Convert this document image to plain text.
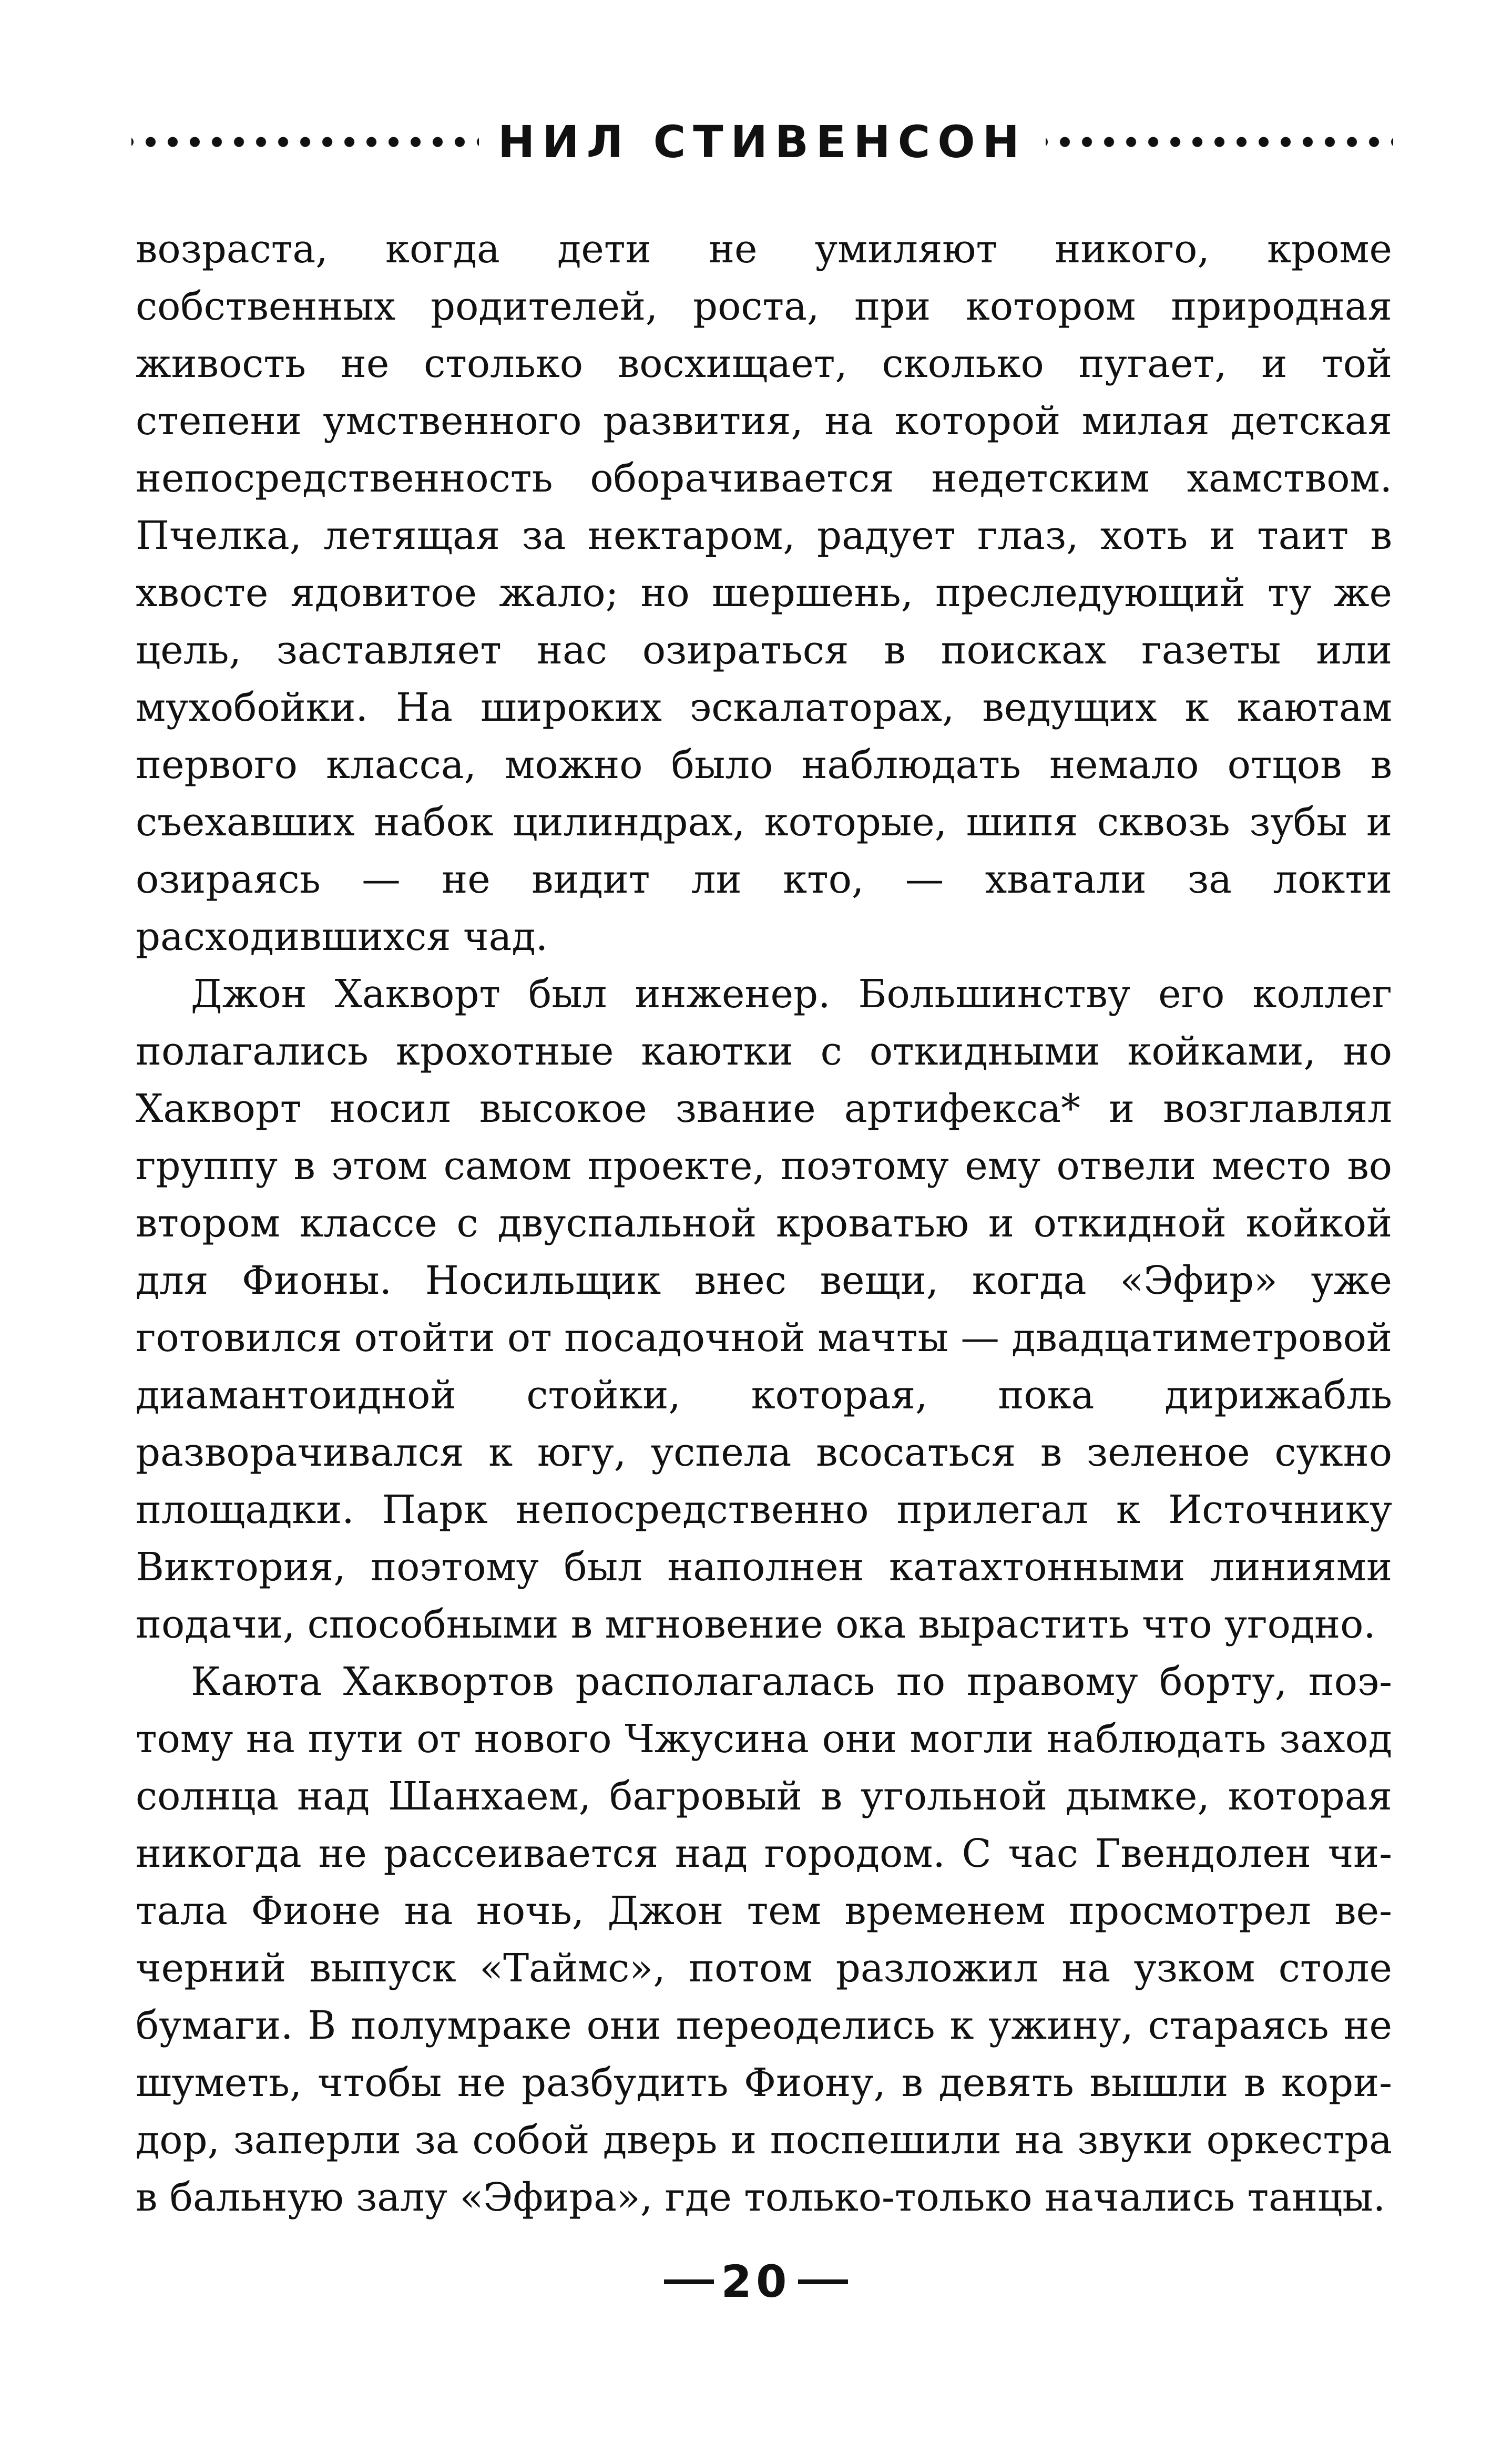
НИЛ СТИВЕНСОН

возраста, когда дети не умиляют никого, кроме собственных родителей, роста, при котором природная живость не столько восхищает, сколько пугает, и той степени умственного развития, на которой милая детская непосредственность оборачивается недетским хамством. Пчелка, летящая за нектаром, радует глаз, хоть и таит в хвосте ядовитое жало; но шершень, преследующий ту же цель, заставляет нас озираться в поисках газеты или мухобойки. На широких эскалаторах, ведущих к каютам первого класса, можно было наблюдать немало отцов в съехавших набок цилиндрах, которые, шипя сквозь зубы и озираясь — не видит ли кто, — хватали за локти расходившихся чад.

Джон Хакворт был инженер. Большинству его коллег полагались крохотные каютки с откидными койками, но Хакворт носил высокое звание артифекса* и возглавлял группу в этом самом проекте, поэтому ему отвели место во втором классе с двуспальной кроватью и откидной койкой для Фионы. Носильщик внес вещи, когда «Эфир» уже готовился отойти от посадочной мачты — двадцатиметровой диамантоидной стойки, которая, пока дирижабль разворачивался к югу, успела всосаться в зеленое сукно площадки. Парк непосредственно прилегал к Источнику Виктория, поэтому был наполнен катахтонными линиями подачи, способными в мгновение ока вырастить что угодно.

Каюта Хаквортов располагалась по правому борту, поэтому на пути от нового Чжусина они могли наблюдать заход солнца над Шанхаем, багровый в угольной дымке, которая никогда не рассеивается над городом. С час Гвендолен читала Фионе на ночь, Джон тем временем просмотрел вечерний выпуск «Таймс», потом разложил на узком столе бумаги. В полумраке они переоделись к ужину, стараясь не шуметь, чтобы не разбудить Фиону, в девять вышли в коридор, заперли за собой дверь и поспешили на звуки оркестра в бальную залу «Эфира», где только-только начались танцы.

20
